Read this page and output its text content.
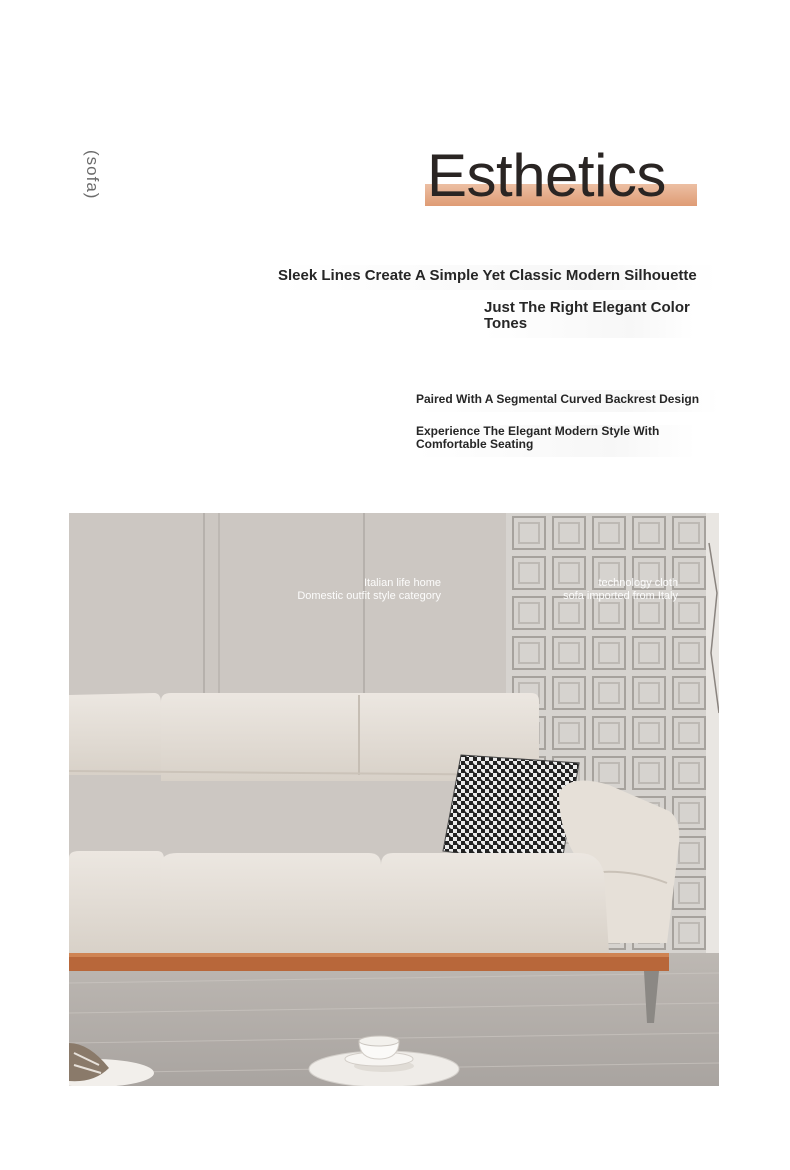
(sofa)	Esthetics
Sleek Lines Create A Simple Yet Classic Modern Silhouette
Just The Right Elegant Color Tones
Paired With A Segmental Curved Backrest Design
Experience The Elegant Modern Style With Comfortable Seating
Italian life home
Domestic outfit style category
technology cloth
sofa imported from Italy
